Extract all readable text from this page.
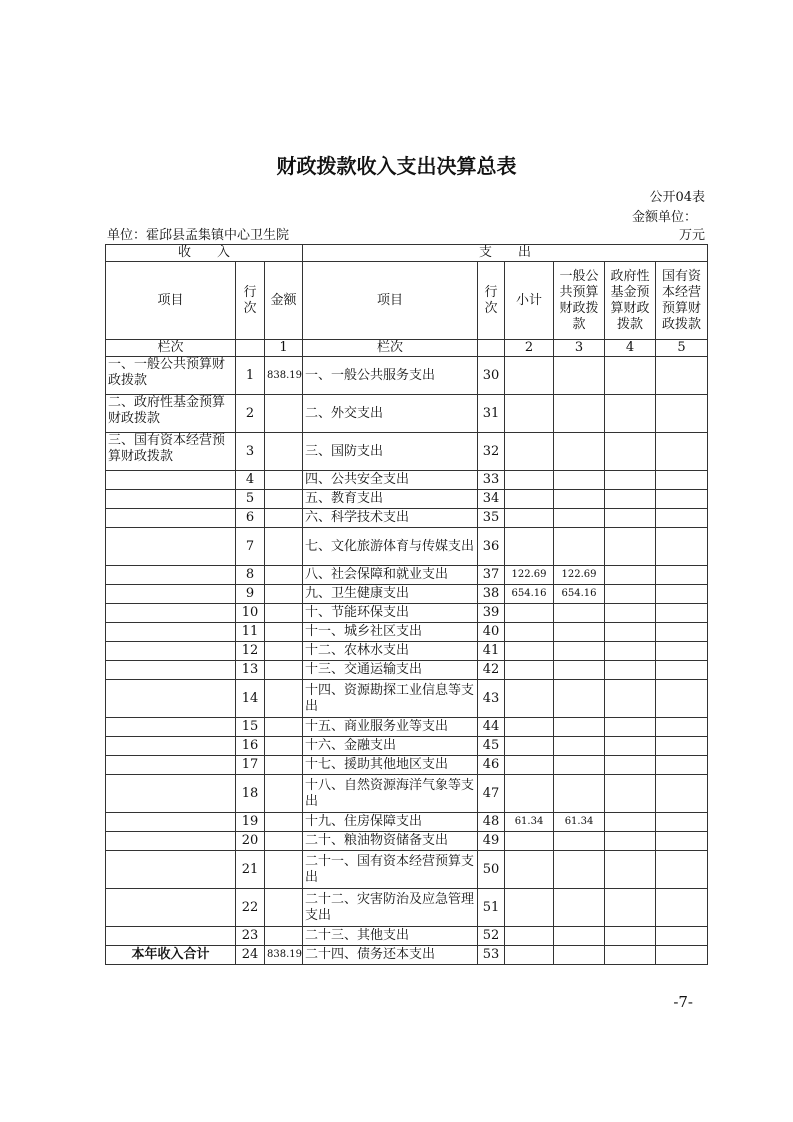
财政拨款收入支出决算总表
公开04表
金额单位：
单位：霍邱县孟集镇中心卫生院	万元
收　　入			支　　出					
项目	行次	金额	项目	行次	小计	一般公共预算财政拨款	政府性基金预算财政拨款	国有资本经营预算财政拨款
栏次		1	栏次		2	3	4	5
一、一般公共预算财政拨款	1	838.19	一、一般公共服务支出	30				
二、政府性基金预算财政拨款	2		二、外交支出	31				
三、国有资本经营预算财政拨款	3		三、国防支出	32				
	4		四、公共安全支出	33				
	5		五、教育支出	34				
	6		六、科学技术支出	35				
	7		七、文化旅游体育与传媒支出	36				
	8		八、社会保障和就业支出	37	122.69	122.69		
	9		九、卫生健康支出	38	654.16	654.16		
	10		十、节能环保支出	39				
	11		十一、城乡社区支出	40				
	12		十二、农林水支出	41				
	13		十三、交通运输支出	42				
	14		十四、资源勘探工业信息等支出	43				
	15		十五、商业服务业等支出	44				
	16		十六、金融支出	45				
	17		十七、援助其他地区支出	46				
	18		十八、自然资源海洋气象等支出	47				
	19		十九、住房保障支出	48	61.34	61.34		
	20		二十、粮油物资储备支出	49				
	21		二十一、国有资本经营预算支出	50				
	22		二十二、灾害防治及应急管理支出	51				
	23		二十三、其他支出	52				
本年收入合计	24	838.19	二十四、债务还本支出	53				
-7-
